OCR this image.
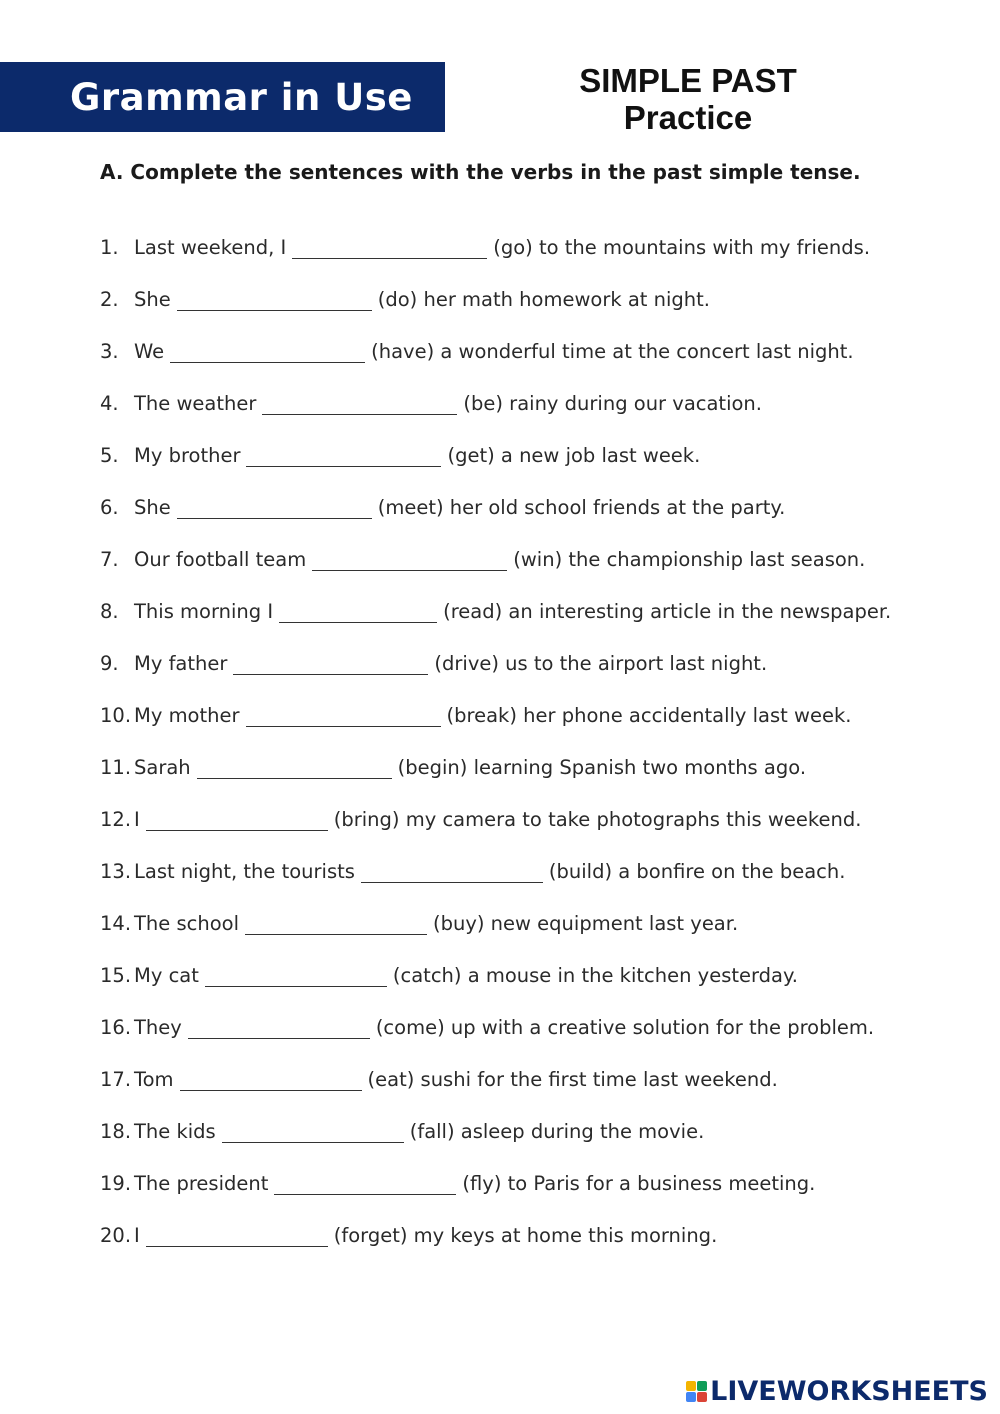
Grammar in Use	SIMPLE PAST
Practice
A. Complete the sentences with the verbs in the past simple tense.
1. Last weekend, I	(go) to the mountains with my friends.
2. She	(do) her math homework at night.
3. We	(have) a wonderful time at the concert last night.
4. The weather	(be) rainy during our vacation.
5. My brother	(get) a new job last week.
6. She	(meet) her old school friends at the party.
7. Our football team	(win) the championship last season.
8. This morning I	(read) an interesting article in the newspaper.
9. My father	(drive) us to the airport last night.
10. My mother	(break) her phone accidentally last week.
11. Sarah	(begin) learning Spanish two months ago.
12. I	(bring) my camera to take photographs this weekend.
13. Last night, the tourists	(build) a bonfire on the beach.
14. The school	(buy) new equipment last year.
15. My cat	(catch) a mouse in the kitchen yesterday.
16. They	(come) up with a creative solution for the problem.
17. Tom	(eat) sushi for the first time last weekend.
18. The kids	(fall) asleep during the movie.
19. The president	(fly) to Paris for a business meeting.
20. I	(forget) my keys at home this morning.
LIVEWORKSHEETS
